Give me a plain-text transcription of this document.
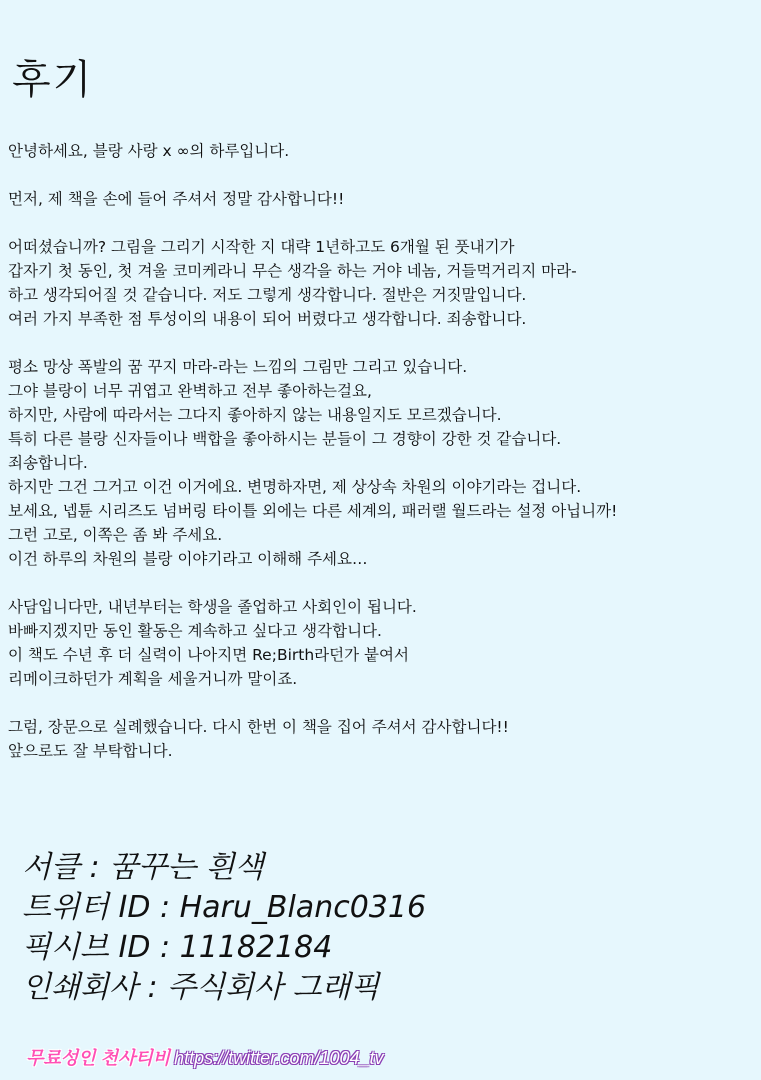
후기
안녕하세요, 블랑 사랑 x ∞의 하루입니다.
먼저, 제 책을 손에 들어 주셔서 정말 감사합니다!!
어떠셨습니까? 그림을 그리기 시작한 지 대략 1년하고도 6개월 된 풋내기가
갑자기 첫 동인, 첫 겨울 코미케라니 무슨 생각을 하는 거야 네놈, 거들먹거리지 마라-
하고 생각되어질 것 같습니다. 저도 그렇게 생각합니다. 절반은 거짓말입니다.
여러 가지 부족한 점 투성이의 내용이 되어 버렸다고 생각합니다. 죄송합니다.
평소 망상 폭발의 꿈 꾸지 마라-라는 느낌의 그림만 그리고 있습니다.
그야 블랑이 너무 귀엽고 완벽하고 전부 좋아하는걸요,
하지만, 사람에 따라서는 그다지 좋아하지 않는 내용일지도 모르겠습니다.
특히 다른 블랑 신자들이나 백합을 좋아하시는 분들이 그 경향이 강한 것 같습니다.
죄송합니다.
하지만 그건 그거고 이건 이거에요. 변명하자면, 제 상상속 차원의 이야기라는 겁니다.
보세요, 넵튠 시리즈도 넘버링 타이틀 외에는 다른 세계의, 패러랠 월드라는 설정 아닙니까!
그런 고로, 이쪽은 좀 봐 주세요.
이건 하루의 차원의 블랑 이야기라고 이해해 주세요…
사담입니다만, 내년부터는 학생을 졸업하고 사회인이 됩니다.
바빠지겠지만 동인 활동은 계속하고 싶다고 생각합니다.
이 책도 수년 후 더 실력이 나아지면 Re;Birth라던가 붙여서
리메이크하던가 계획을 세울거니까 말이죠.
그럼, 장문으로 실례했습니다. 다시 한번 이 책을 집어 주셔서 감사합니다!!
앞으로도 잘 부탁합니다.
서클 : 꿈꾸는 흰색
트위터 ID : Haru_Blanc0316
픽시브 ID : 11182184
인쇄회사 : 주식회사 그래픽
무료성인 천사티비 https://twitter.com/1004_tv
